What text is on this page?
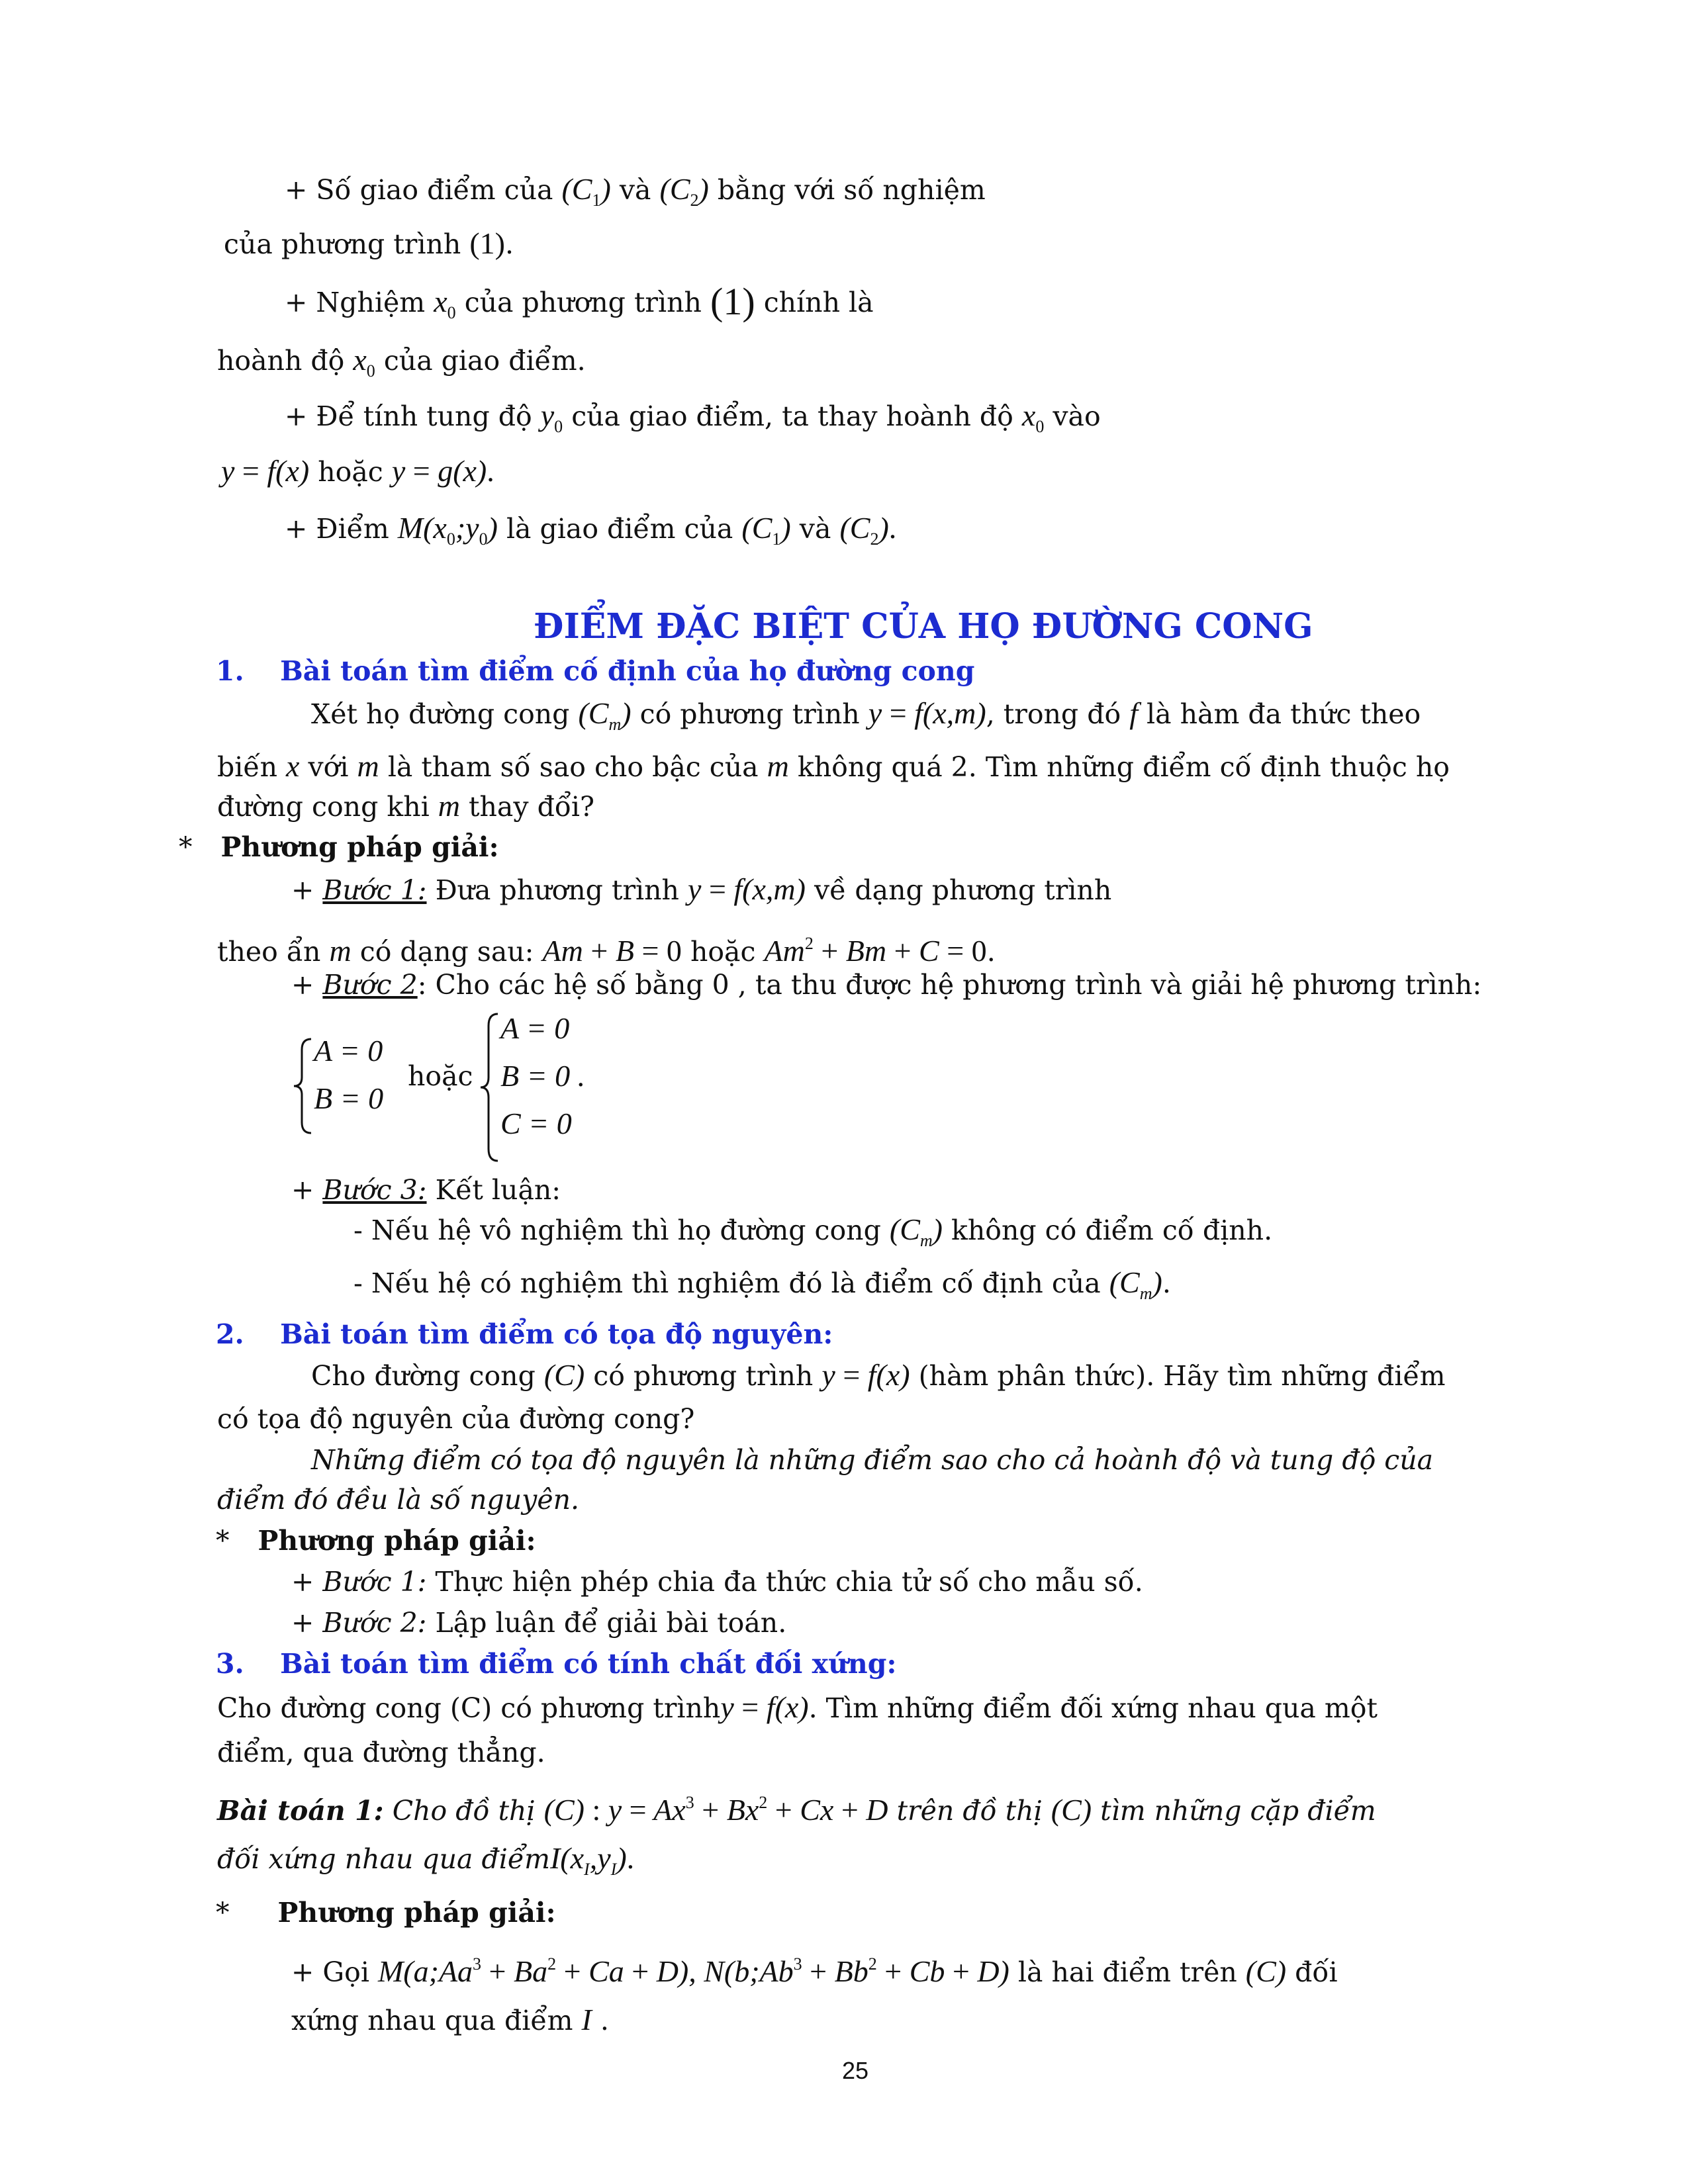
+ Số giao điểm của $(C_1)$ và $(C_2)$ bằng với số nghiệm
của phương trình (1).
+ Nghiệm $x_0$ của phương trình (1) chính là
hoành độ $x_0$ của giao điểm.
+ Để tính tung độ $y_0$ của giao điểm, ta thay hoành độ $x_0$ vào
y = f(x) hoặc y = g(x).
+ Điểm $M(x_0;y_0)$ là giao điểm của $(C_1)$ và $(C_2)$.
ĐIỂM ĐẶC BIỆT CỦA HỌ ĐƯỜNG CONG
1. Bài toán tìm điểm cố định của họ đường cong
Xét họ đường cong $(C_m)$ có phương trình y = f(x,m), trong đó f là hàm đa thức theo
biến x với m là tham số sao cho bậc của m không quá 2. Tìm những điểm cố định thuộc họ
đường cong khi m thay đổi?
* Phương pháp giải:
+ Bước 1: Đưa phương trình y = f(x,m) về dạng phương trình
theo ẩn m có dạng sau: Am + B = 0 hoặc $Am^2 + Bm + C = 0$.
+ Bước 2: Cho các hệ số bằng 0 , ta thu được hệ phương trình và giải hệ phương trình:
A = 0
B = 0
hoặc
A = 0
B = 0 .
C = 0
+ Bước 3: Kết luận:
- Nếu hệ vô nghiệm thì họ đường cong $(C_m)$ không có điểm cố định.
- Nếu hệ có nghiệm thì nghiệm đó là điểm cố định của $(C_m)$.
2. Bài toán tìm điểm có tọa độ nguyên:
Cho đường cong (C) có phương trình y = f(x) (hàm phân thức). Hãy tìm những điểm
có tọa độ nguyên của đường cong?
Những điểm có tọa độ nguyên là những điểm sao cho cả hoành độ và tung độ của
điểm đó đều là số nguyên.
* Phương pháp giải:
+ Bước 1: Thực hiện phép chia đa thức chia tử số cho mẫu số.
+ Bước 2: Lập luận để giải bài toán.
3. Bài toán tìm điểm có tính chất đối xứng:
Cho đường cong (C) có phương trìnhy = f(x). Tìm những điểm đối xứng nhau qua một
điểm, qua đường thẳng.
Bài toán 1: Cho đồ thị (C) : $y = Ax^3 + Bx^2 + Cx + D$ trên đồ thị (C) tìm những cặp điểm
đối xứng nhau qua $điểmI(x_I,y_I)$.
* Phương pháp giải:
+ Gọi $M(a;Aa^3 + Ba^2 + Ca + D)$, $N(b;Ab^3 + Bb^2 + Cb + D)$ là hai điểm trên (C) đối
xứng nhau qua điểm I .
25
